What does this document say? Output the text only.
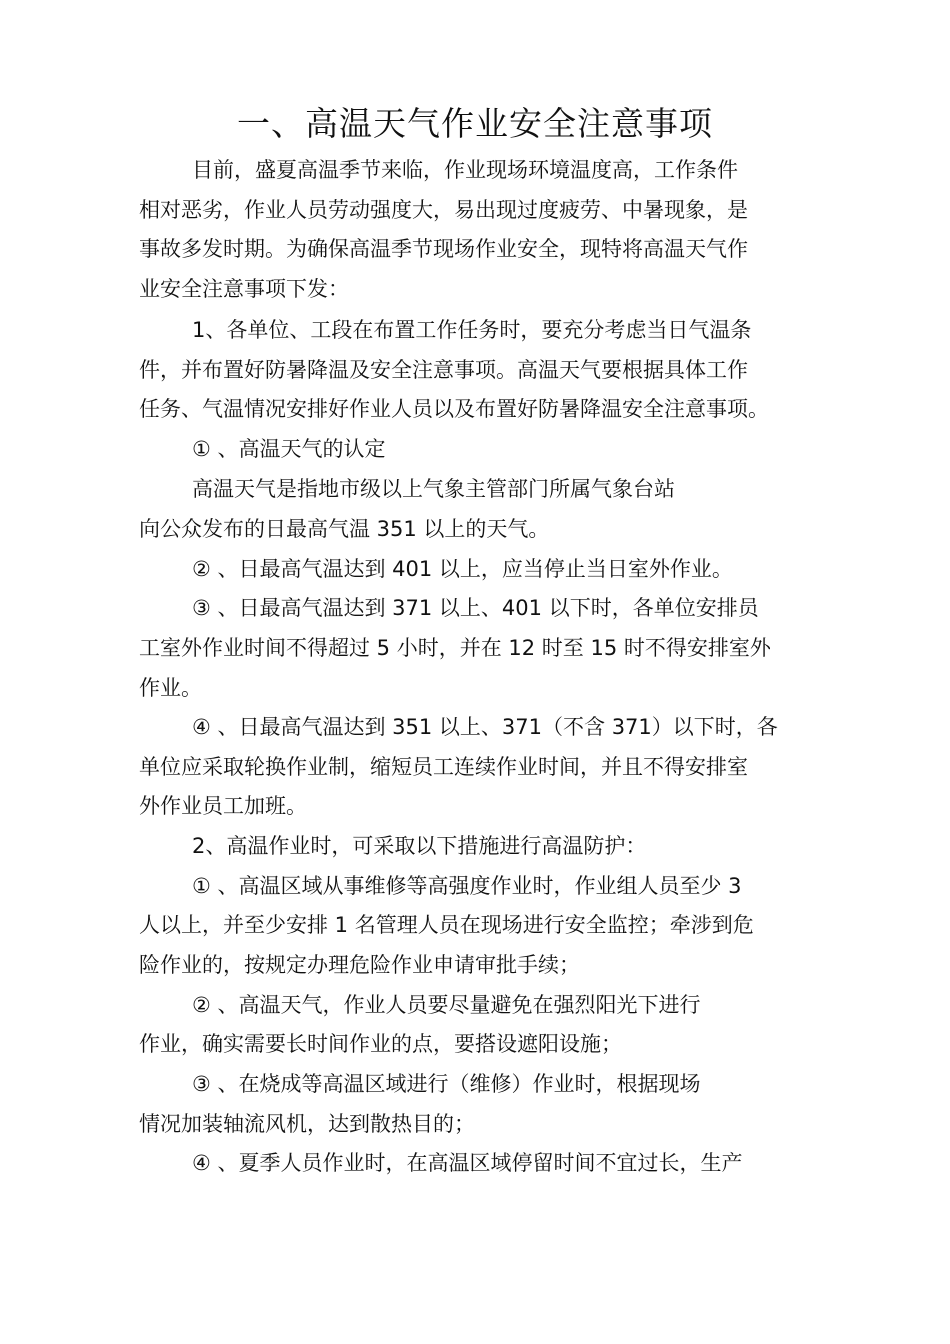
一、高温天气作业安全注意事项

目前，盛夏高温季节来临，作业现场环境温度高，工作条件

相对恶劣，作业人员劳动强度大，易出现过度疲劳、中暑现象，是

事故多发时期。为确保高温季节现场作业安全，现特将高温天气作

业安全注意事项下发：

1、各单位、工段在布置工作任务时，要充分考虑当日气温条

件，并布置好防暑降温及安全注意事项。高温天气要根据具体工作

任务、气温情况安排好作业人员以及布置好防暑降温安全注意事项。

① 、高温天气的认定

高温天气是指地市级以上气象主管部门所属气象台站

向公众发布的日最高气温 351 以上的天气。

② 、日最高气温达到 401 以上，应当停止当日室外作业。

③ 、日最高气温达到 371 以上、401 以下时，各单位安排员

工室外作业时间不得超过 5 小时，并在 12 时至 15 时不得安排室外

作业。

④ 、日最高气温达到 351 以上、371（不含 371）以下时，各

单位应采取轮换作业制，缩短员工连续作业时间，并且不得安排室

外作业员工加班。

2、高温作业时，可采取以下措施进行高温防护：

① 、高温区域从事维修等高强度作业时，作业组人员至少 3

人以上，并至少安排 1 名管理人员在现场进行安全监控；牵涉到危

险作业的，按规定办理危险作业申请审批手续；

② 、高温天气，作业人员要尽量避免在强烈阳光下进行

作业，确实需要长时间作业的点，要搭设遮阳设施；

③ 、在烧成等高温区域进行（维修）作业时，根据现场

情况加装轴流风机，达到散热目的；

④ 、夏季人员作业时，在高温区域停留时间不宜过长，生产
